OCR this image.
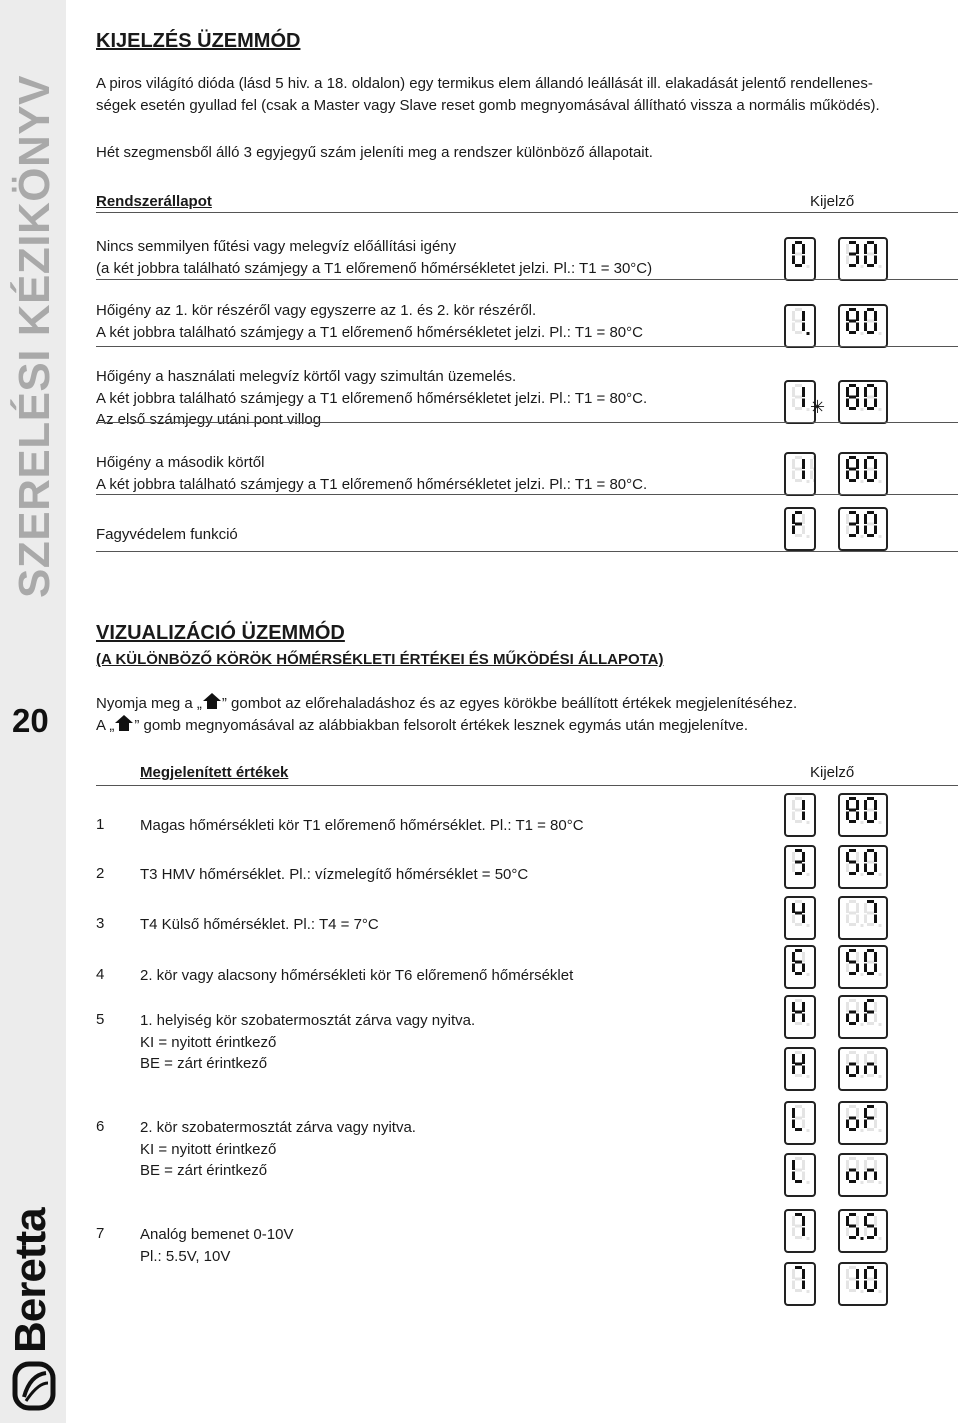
SZERELÉSI KÉZIKÖNYV
20
Beretta
KIJELZÉS ÜZEMMÓD
A piros világító dióda (lásd 5 hiv. a 18. oldalon) egy termikus elem állandó leállását ill. elakadását jelentő rendellenes-
ségek esetén gyullad fel (csak a Master vagy Slave reset gomb megnyomásával állítható vissza a normális működés).
Hét szegmensből álló 3 egyjegyű szám jeleníti meg a rendszer különböző állapotait.
Rendszerállapot	Kijelző
VIZUALIZÁCIÓ ÜZEMMÓD
(A KÜLÖNBÖZŐ KÖRÖK HŐMÉRSÉKLETI ÉRTÉKEI ÉS MŰKÖDÉSI ÁLLAPOTA)
Nyomja meg a „ ” gombot az előrehaladáshoz és az egyes körökbe beállított értékek megjelenítéséhez.
A „ ” gomb megnyomásával az alábbiakban felsorolt értékek lesznek egymás után megjelenítve.
Megjelenített értékek	Kijelző
Nincs semmilyen fűtési vagy melegvíz előállítási igény
(a két jobbra található számjegy a T1 előremenő hőmérsékletet jelzi. Pl.: T1 = 30°C)
Hőigény az 1. kör részéről vagy egyszerre az 1. és 2. kör részéről.
A két jobbra található számjegy a T1 előremenő hőmérsékletet jelzi. Pl.: T1 = 80°C
Hőigény a használati melegvíz körtől vagy szimultán üzemelés.
A két jobbra található számjegy a T1 előremenő hőmérsékletet jelzi. Pl.: T1 = 80°C.
Az első számjegy utáni pont villog
✳
Hőigény a második körtől
A két jobbra található számjegy a T1 előremenő hőmérsékletet jelzi. Pl.: T1 = 80°C.
Fagyvédelem funkció
1 Magas hőmérsékleti kör T1 előremenő hőmérséklet. Pl.: T1 = 80°C
2 T3 HMV hőmérséklet. Pl.: vízmelegítő hőmérséklet = 50°C
3 T4 Külső hőmérséklet. Pl.: T4 = 7°C
4 2. kör vagy alacsony hőmérsékleti kör T6 előremenő hőmérséklet
5 1. helyiség kör szobatermosztát zárva vagy nyitva.
KI = nyitott érintkező
BE = zárt érintkező
6 2. kör szobatermosztát zárva vagy nyitva.
KI = nyitott érintkező
BE = zárt érintkező
7 Analóg bemenet 0-10V
Pl.: 5.5V, 10V
